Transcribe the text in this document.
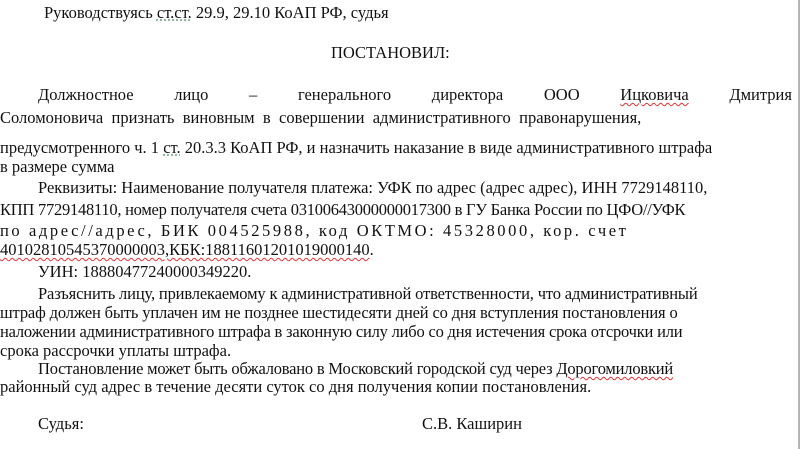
Руководствуясь ст.ст. 29.9, 29.10 КоАП РФ, судья
ПОСТАНОВИЛ:
Должностное лицо – генерального директора ООО Ицковича Дмитрия
Соломоновича признать виновным в совершении административного правонарушения,
предусмотренного ч. 1 ст. 20.3.3 КоАП РФ, и назначить наказание в виде административного штрафа
в размере сумма
Реквизиты: Наименование получателя платежа: УФК по адрес (адрес адрес), ИНН 7729148110,
КПП 7729148110, номер получателя счета 03100643000000017300 в ГУ Банка России по ЦФО//УФК
по адрес//адрес, БИК 004525988, код ОКТМО: 45328000, кор. счет
40102810545370000003,КБК:18811601201019000140.
УИН: 18880477240000349220.
Разъяснить лицу, привлекаемому к административной ответственности, что административный
штраф должен быть уплачен им не позднее шестидесяти дней со дня вступления постановления о
наложении административного штрафа в законную силу либо со дня истечения срока отсрочки или
срока рассрочки уплаты штрафа.
Постановление может быть обжаловано в Московский городской суд через Дорогомиловкий
районный суд адрес в течение десяти суток со дня получения копии постановления.
Судья:	С.В. Каширин
